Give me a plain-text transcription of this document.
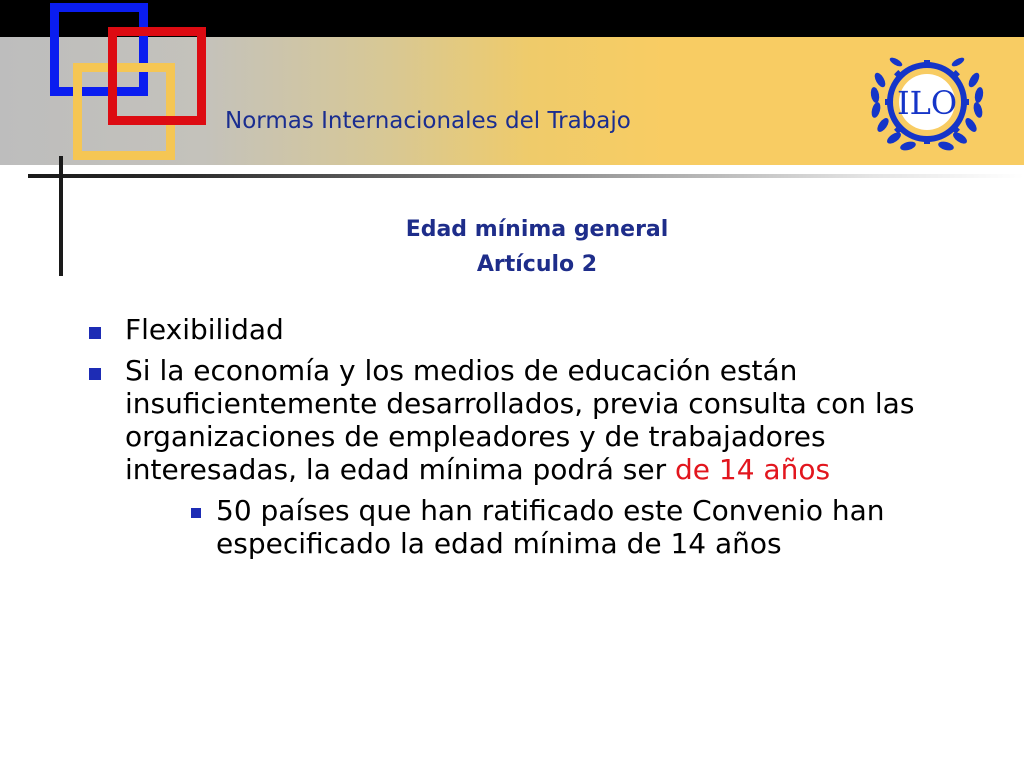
Normas Internacionales del Trabajo	ILO
Edad mínima general
Artículo 2
Flexibilidad
Si la economía y los medios de educación están insuficientemente desarrollados, previa consulta con las organizaciones de empleadores y de trabajadores interesadas, la edad mínima podrá ser de 14 años
50 países que han ratificado este Convenio han especificado la edad mínima de 14 años
